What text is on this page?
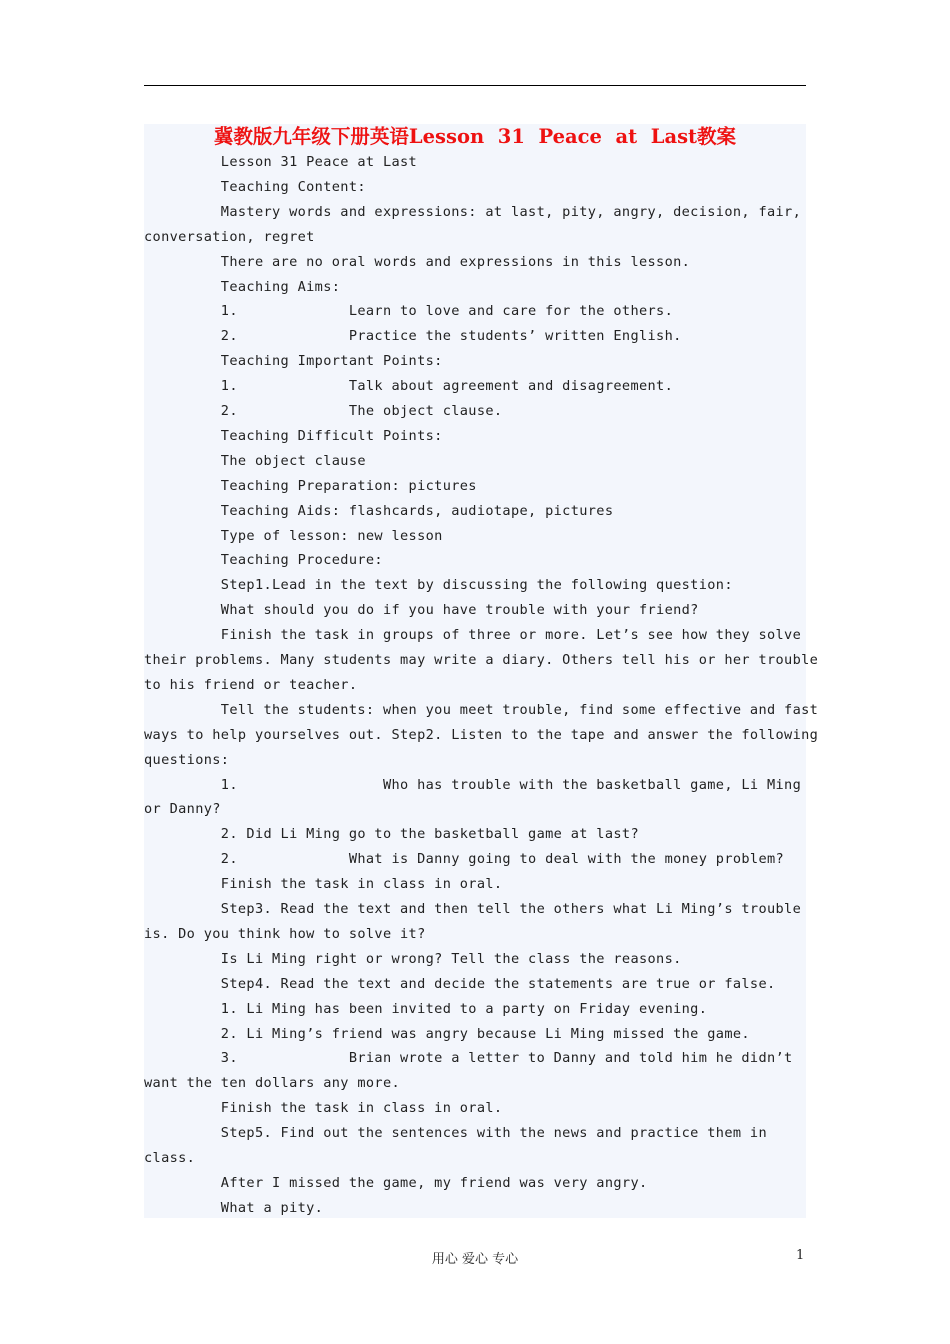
冀教版九年级下册英语Lesson  31  Peace  at  Last教案
Lesson 31 Peace at Last
Teaching Content:
Mastery words and expressions: at last, pity, angry, decision, fair,
conversation, regret
There are no oral words and expressions in this lesson.
Teaching Aims:
1.             Learn to love and care for the others.
2.             Practice the students’ written English.
Teaching Important Points:
1.             Talk about agreement and disagreement.
2.             The object clause.
Teaching Difficult Points:
The object clause
Teaching Preparation: pictures
Teaching Aids: flashcards, audiotape, pictures
Type of lesson: new lesson
Teaching Procedure:
Step1.Lead in the text by discussing the following question:
What should you do if you have trouble with your friend?
Finish the task in groups of three or more. Let’s see how they solve
their problems. Many students may write a diary. Others tell his or her trouble
to his friend or teacher.
Tell the students: when you meet trouble, find some effective and fast
ways to help yourselves out. Step2. Listen to the tape and answer the following
questions:
1.                 Who has trouble with the basketball game, Li Ming
or Danny?
2. Did Li Ming go to the basketball game at last?
2.             What is Danny going to deal with the money problem?
Finish the task in class in oral.
Step3. Read the text and then tell the others what Li Ming’s trouble
is. Do you think how to solve it?
Is Li Ming right or wrong? Tell the class the reasons.
Step4. Read the text and decide the statements are true or false.
1. Li Ming has been invited to a party on Friday evening.
2. Li Ming’s friend was angry because Li Ming missed the game.
3.             Brian wrote a letter to Danny and told him he didn’t
want the ten dollars any more.
Finish the task in class in oral.
Step5. Find out the sentences with the news and practice them in
class.
After I missed the game, my friend was very angry.
What a pity.
用心 爱心 专心	1
